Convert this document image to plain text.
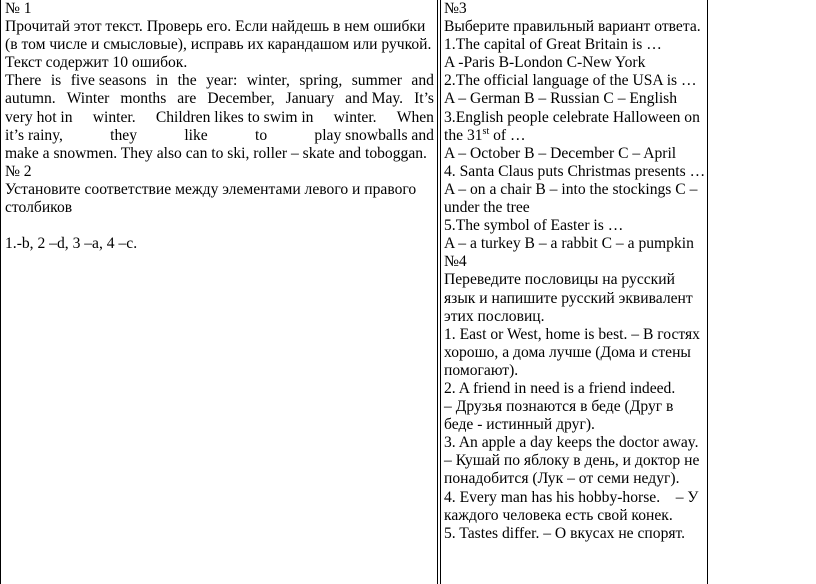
№ 1
Прочитай этот текст. Проверь его. Если найдешь в нем ошибки
(в том числе и смысловые), исправь их карандашом или ручкой.
Текст содержит 10 ошибок.
There is five seasons in the year: winter, spring, summer and
autumn. Winter months are December, January and May. It’s
very hot in winter. Children likes to swim in winter. When
it’s rainy,	they	like	to	play snowballs and
make a snowmen. They also can to ski, roller – skate and toboggan.
№ 2
Установите соответствие между элементами левого и правого
столбиков
1.-b, 2 –d, 3 –a, 4 –c.
№3
Выберите правильный вариант ответа.
1.The capital of Great Britain is …
A -Paris B-London C-New York
2.The official language of the USA is …
A – German B – Russian C – English
3.English people celebrate Halloween on
the 31st of …
A – October B – December C – April
4. Santa Claus puts Christmas presents …
A – on a chair B – into the stockings C –
under the tree
5.The symbol of Easter is …
A – a turkey B – a rabbit C – a pumpkin
№4
Переведите пословицы на русский
язык и напишите русский эквивалент
этих пословиц.
1. East or West, home is best. – В гостях
хорошо, а дома лучше (Дома и стены
помогают).
2. A friend in need is a friend indeed.
– Друзья познаются в беде (Друг в
беде - истинный друг).
3. An apple a day keeps the doctor away.
– Кушай по яблоку в день, и доктор не
понадобится (Лук – от семи недуг).
4. Every man has his hobby-horse.    – У
каждого человека есть свой конек.
5. Tastes differ. – О вкусах не спорят.
